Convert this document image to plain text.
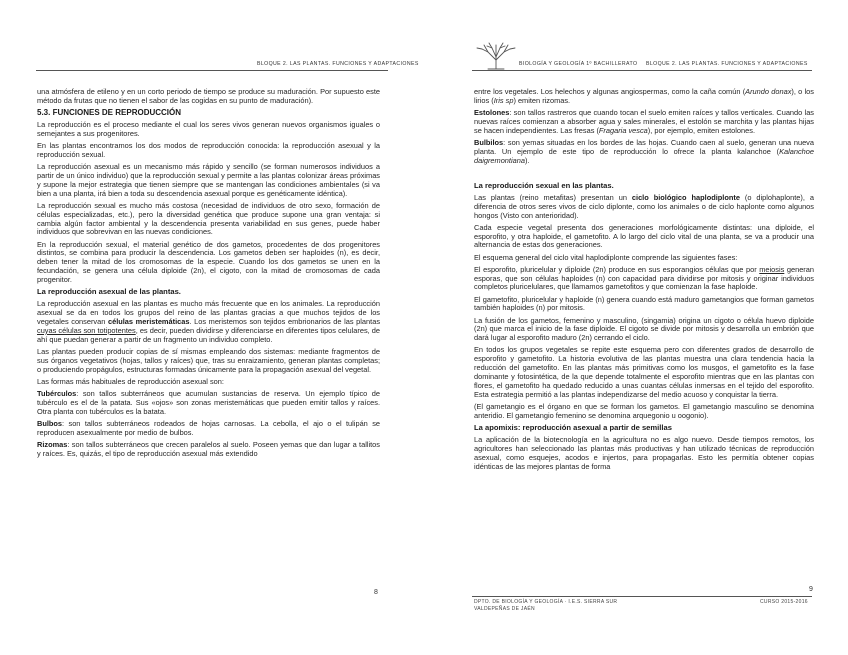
BLOQUE 2. LAS PLANTAS. FUNCIONES Y ADAPTACIONES

una atmósfera de etileno y en un corto periodo de tiempo se produce su maduración. Por supuesto este método da frutas que no tienen el sabor de las cogidas en su punto de maduración).

5.3. FUNCIONES DE REPRODUCCIÓN

La reproducción es el proceso mediante el cual los seres vivos generan nuevos organismos iguales o semejantes a sus progenitores.

En las plantas encontramos los dos modos de reproducción conocida: la reproducción asexual y la reproducción sexual.

La reproducción asexual es un mecanismo más rápido y sencillo (se forman numerosos individuos a partir de un único individuo) que la reproducción sexual y permite a las plantas colonizar áreas próximas y supone la mejor estrategia que tienen siempre que se mantengan las condiciones ambientales (si va bien a una planta, irá bien a toda su descendencia asexual porque es genéticamente idéntica).

La reproducción sexual es mucho más costosa (necesidad de individuos de otro sexo, formación de células especializadas, etc.), pero la diversidad genética que produce supone una gran ventaja: si cambia algún factor ambiental y la descendencia presenta variabilidad en sus genes, puede haber individuos que sobrevivan en las nuevas condiciones.

En la reproducción sexual, el material genético de dos gametos, procedentes de dos progenitores distintos, se combina para producir la descendencia. Los gametos deben ser haploides (n), es decir, deben tener la mitad de los cromosomas de la especie. Cuando los dos gametos se unen en la fecundación, se genera una célula diploide (2n), el cigoto, con la mitad de cromosomas de cada progenitor.

La reproducción asexual de las plantas.

La reproducción asexual en las plantas es mucho más frecuente que en los animales. La reproducción asexual se da en todos los grupos del reino de las plantas gracias a que muchos tejidos de los vegetales conservan células meristemáticas. Los meristemos son tejidos embrionarios de las plantas cuyas células son totipotentes, es decir, pueden dividirse y diferenciarse en diferentes tipos celulares, de ahí que puedan generar a partir de un fragmento un individuo completo.

Las plantas pueden producir copias de sí mismas empleando dos sistemas: mediante fragmentos de sus órganos vegetativos (hojas, tallos y raíces) que, tras su enraizamiento, generan plantas completas; o produciendo propágulos, estructuras formadas únicamente para la propagación asexual del vegetal.

Las formas más habituales de reproducción asexual son:

Tubérculos: son tallos subterráneos que acumulan sustancias de reserva. Un ejemplo típico de tubérculo es el de la patata. Sus «ojos» son zonas meristemáticas que pueden emitir tallos y raíces. Otra planta con tubérculos es la batata.

Bulbos: son tallos subterráneos rodeados de hojas carnosas. La cebolla, el ajo o el tulipán se reproducen asexualmente por medio de bulbos.

Rizomas: son tallos subterráneos que crecen paralelos al suelo. Poseen yemas que dan lugar a tallitos y raíces. Es, quizás, el tipo de reproducción asexual más extendido

8
BIOLOGÍA Y GEOLOGÍA 1º BACHILLERATO BLOQUE 2. LAS PLANTAS. FUNCIONES Y ADAPTACIONES

entre los vegetales. Los helechos y algunas angiospermas, como la caña común (Arundo donax), o los lirios (Iris sp) emiten rizomas.

Estolones: son tallos rastreros que cuando tocan el suelo emiten raíces y tallos verticales. Cuando las nuevas raíces comienzan a absorber agua y sales minerales, el estolón se marchita y las plantas hijas se hacen independientes. Las fresas (Fragaria vesca), por ejemplo, emiten estolones.

Bulbilos: son yemas situadas en los bordes de las hojas. Cuando caen al suelo, generan una nueva planta. Un ejemplo de este tipo de reproducción lo ofrece la planta kalanchoe (Kalanchoe daigremontiana).

La reproducción sexual en las plantas.

Las plantas (reino metafitas) presentan un ciclo biológico haplodiplonte (o diplohaplonte), a diferencia de otros seres vivos de ciclo diplonte, como los animales o de ciclo haplonte como algunos hongos (Visto con anterioridad).

Cada especie vegetal presenta dos generaciones morfológicamente distintas: una diploide, el esporofito, y otra haploide, el gametofito. A lo largo del ciclo vital de una planta, se va a producir una alternancia de estas dos generaciones.

El esquema general del ciclo vital haplodiplonte comprende las siguientes fases:

El esporofito, pluricelular y diploide (2n) produce en sus esporangios células que por meiosis generan esporas, que son células haploides (n) con capacidad para dividirse por mitosis y originar individuos completos pluricelulares, que llamamos gametofitos y que comienzan la fase haploide.

El gametofito, pluricelular y haploide (n) genera cuando está maduro gametangios que forman gametos también haploides (n) por mitosis.

La fusión de los gametos, femenino y masculino, (singamia) origina un cigoto o célula huevo diploide (2n) que marca el inicio de la fase diploide. El cigoto se divide por mitosis y desarrolla un embrión que dará lugar al esporofito maduro (2n) cerrando el ciclo.

En todos los grupos vegetales se repite este esquema pero con diferentes grados de desarrollo de esporofito y gametofito. La historia evolutiva de las plantas muestra una clara tendencia hacia la reducción del gametofito. En las plantas más primitivas como los musgos, el gametofito es la fase dominante y fotosintética, de la que depende totalmente el esporofito mientras que en las plantas con flores, el gametofito ha quedado reducido a unas cuantas células inmersas en el tejido del esporofito. Esta estrategia permitió a las plantas independizarse del medio acuoso y conquistar la tierra.

(El gametangio es el órgano en que se forman los gametos. El gametangio masculino se denomina anteridio. El gametangio femenino se denomina arquegonio u oogonio).

La apomixis: reproducción asexual a partir de semillas

La aplicación de la biotecnología en la agricultura no es algo nuevo. Desde tiempos remotos, los agricultores han seleccionado las plantas más productivas y han utilizado técnicas de reproducción asexual, como esquejes, acodos e injertos, para propagarlas. Esto les permitía obtener copias idénticas de las mejores plantas de forma

9
DPTO. DE BIOLOGÍA Y GEOLOGÍA · I.E.S. SIERRA SUR
VALDEPEÑAS DE JAÉN
CURSO 2015-2016
